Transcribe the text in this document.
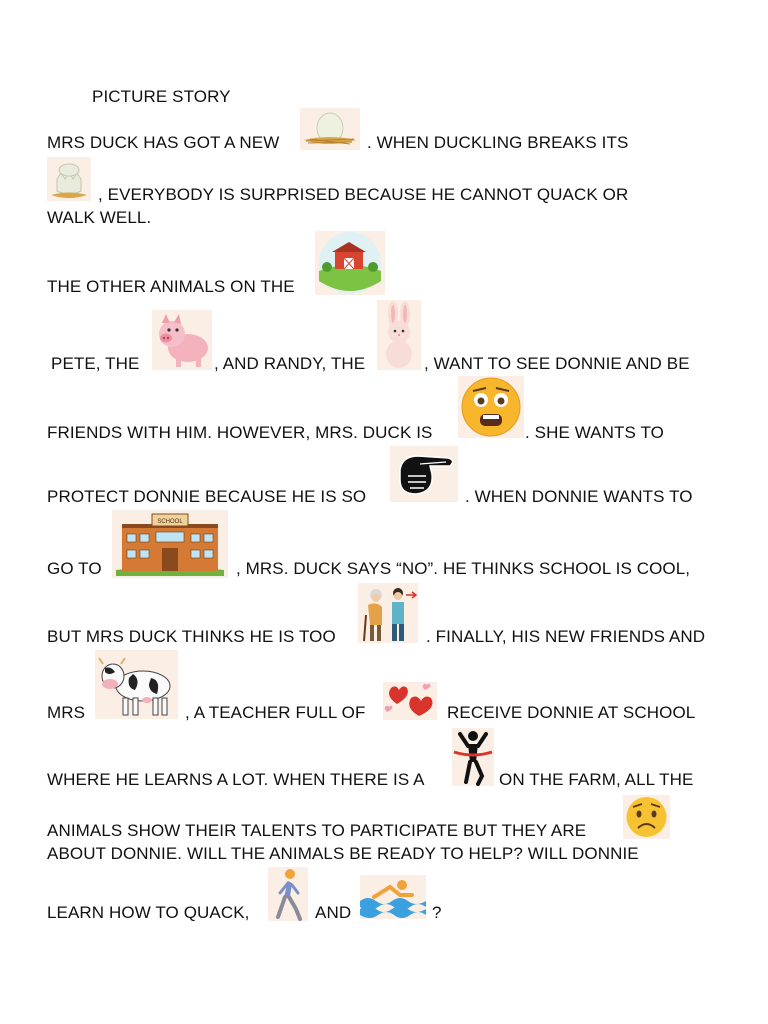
PICTURE STORY
MRS DUCK HAS GOT A NEW	. WHEN DUCKLING BREAKS ITS
, EVERYBODY IS SURPRISED BECAUSE HE CANNOT QUACK OR
WALK WELL.
THE OTHER ANIMALS ON THE
PETE, THE	, AND RANDY, THE	, WANT TO SEE DONNIE AND BE
FRIENDS WITH HIM. HOWEVER, MRS. DUCK IS	. SHE WANTS TO
PROTECT DONNIE BECAUSE HE IS SO	. WHEN DONNIE WANTS TO
GO TO
SCHOOL
, MRS. DUCK SAYS “NO”. HE THINKS SCHOOL IS COOL,
BUT MRS DUCK THINKS HE IS TOO	. FINALLY, HIS NEW FRIENDS AND
MRS	, A TEACHER FULL OF	RECEIVE DONNIE AT SCHOOL
WHERE HE LEARNS A LOT. WHEN THERE IS A	ON THE FARM, ALL THE
ANIMALS SHOW THEIR TALENTS TO PARTICIPATE BUT THEY ARE
ABOUT DONNIE. WILL THE ANIMALS BE READY TO HELP? WILL DONNIE
LEARN HOW TO QUACK,	AND	?
